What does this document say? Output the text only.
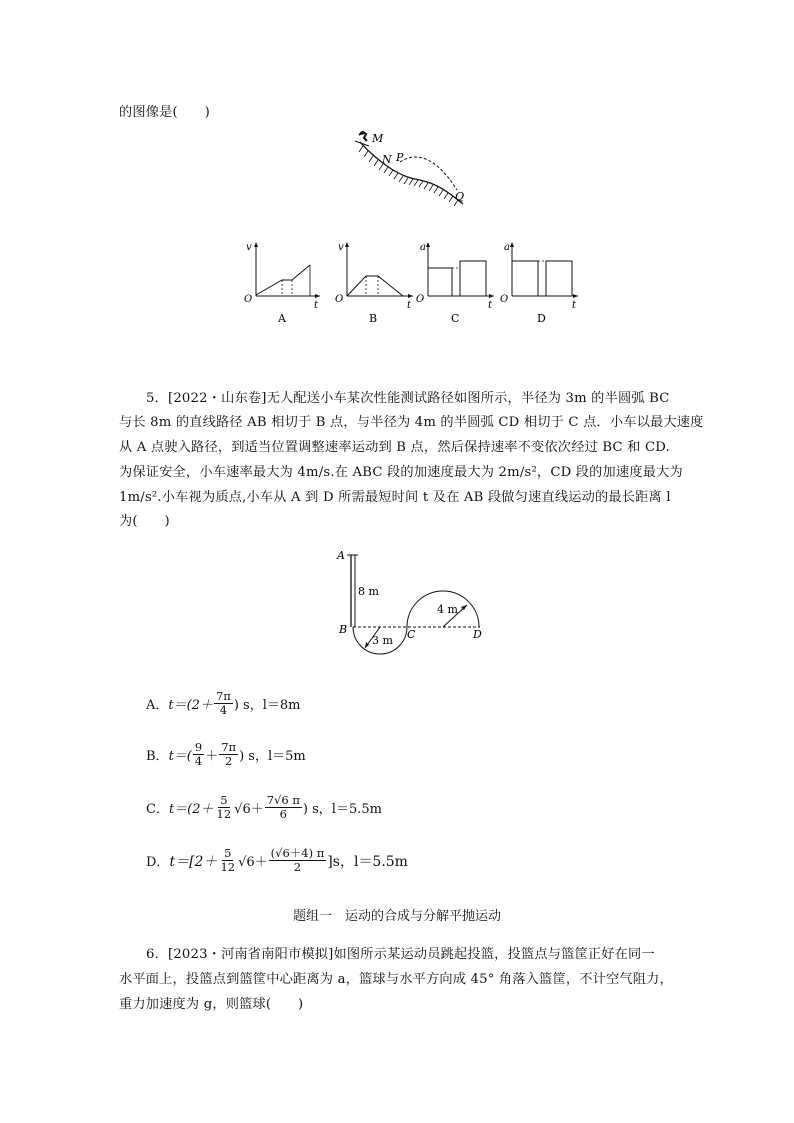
的图像是(　　)
M
N P
Q
v
t
O
A
v
t
O
B
a
t
O
C
a
t
O
D
5．[2022・山东卷]无人配送小车某次性能测试路径如图所示，半径为 3m 的半圆弧 BC
与长 8m 的直线路径 AB 相切于 B 点，与半径为 4m 的半圆弧 CD 相切于 C 点．小车以最大速度
从 A 点驶入路径，到适当位置调整速率运动到 B 点，然后保持速率不变依次经过 BC 和 CD.
为保证安全，小车速率最大为 4m/s.在 ABC 段的加速度最大为 2m/s²，CD 段的加速度最大为
1m/s².小车视为质点,小车从 A 到 D 所需最短时间 t 及在 AB 段做匀速直线运动的最长距离 l
为(　　)
A
B	C	D
8 m
3 m
4 m
A． $t=(2+ \frac{7\pi}{4}$ ) s，l＝8m
B． $t=( \frac{9}{4} + \frac{7\pi}{2}$ ) s，l＝5m
C． $t=(2+ \frac{5}{12} √6+ \frac{7√6 \pi}{6}$ ) s，l＝5.5m
D． $t=[2+ \frac{5}{12} √6+ \frac{(√6+4) \pi}{2} ]s$，l＝5.5m
题组一　运动的合成与分解平抛运动
6．[2023・河南省南阳市模拟]如图所示某运动员跳起投篮，投篮点与篮筐正好在同一
水平面上，投篮点到篮筐中心距离为 a，篮球与水平方向成 45° 角落入篮筐，不计空气阻力，
重力加速度为 g，则篮球(　　)
